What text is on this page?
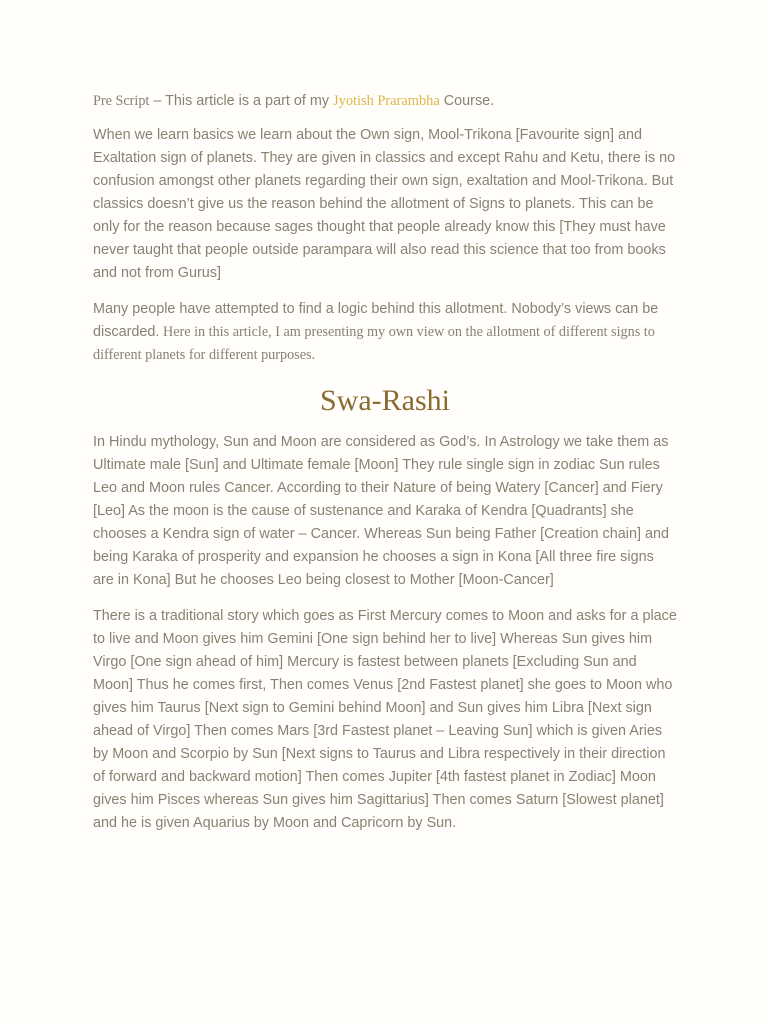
Pre Script – This article is a part of my Jyotish Prarambha Course.

When we learn basics we learn about the Own sign, Mool-Trikona [Favourite sign] and Exaltation sign of planets. They are given in classics and except Rahu and Ketu, there is no confusion amongst other planets regarding their own sign, exaltation and Mool-Trikona. But classics doesn’t give us the reason behind the allotment of Signs to planets. This can be only for the reason because sages thought that people already know this [They must have never taught that people outside parampara will also read this science that too from books and not from Gurus]

Many people have attempted to find a logic behind this allotment. Nobody’s views can be discarded. Here in this article, I am presenting my own view on the allotment of different signs to different planets for different purposes.

Swa-Rashi

In Hindu mythology, Sun and Moon are considered as God’s. In Astrology we take them as Ultimate male [Sun] and Ultimate female [Moon] They rule single sign in zodiac Sun rules Leo and Moon rules Cancer. According to their Nature of being Watery [Cancer] and Fiery [Leo] As the moon is the cause of sustenance and Karaka of Kendra [Quadrants] she chooses a Kendra sign of water – Cancer. Whereas Sun being Father [Creation chain] and being Karaka of prosperity and expansion he chooses a sign in Kona [All three fire signs are in Kona] But he chooses Leo being closest to Mother [Moon-Cancer]

There is a traditional story which goes as First Mercury comes to Moon and asks for a place to live and Moon gives him Gemini [One sign behind her to live] Whereas Sun gives him Virgo [One sign ahead of him] Mercury is fastest between planets [Excluding Sun and Moon] Thus he comes first, Then comes Venus [2nd Fastest planet] she goes to Moon who gives him Taurus [Next sign to Gemini behind Moon] and Sun gives him Libra [Next sign ahead of Virgo] Then comes Mars [3rd Fastest planet – Leaving Sun] which is given Aries by Moon and Scorpio by Sun [Next signs to Taurus and Libra respectively in their direction of forward and backward motion] Then comes Jupiter [4th fastest planet in Zodiac] Moon gives him Pisces whereas Sun gives him Sagittarius] Then comes Saturn [Slowest planet] and he is given Aquarius by Moon and Capricorn by Sun.
